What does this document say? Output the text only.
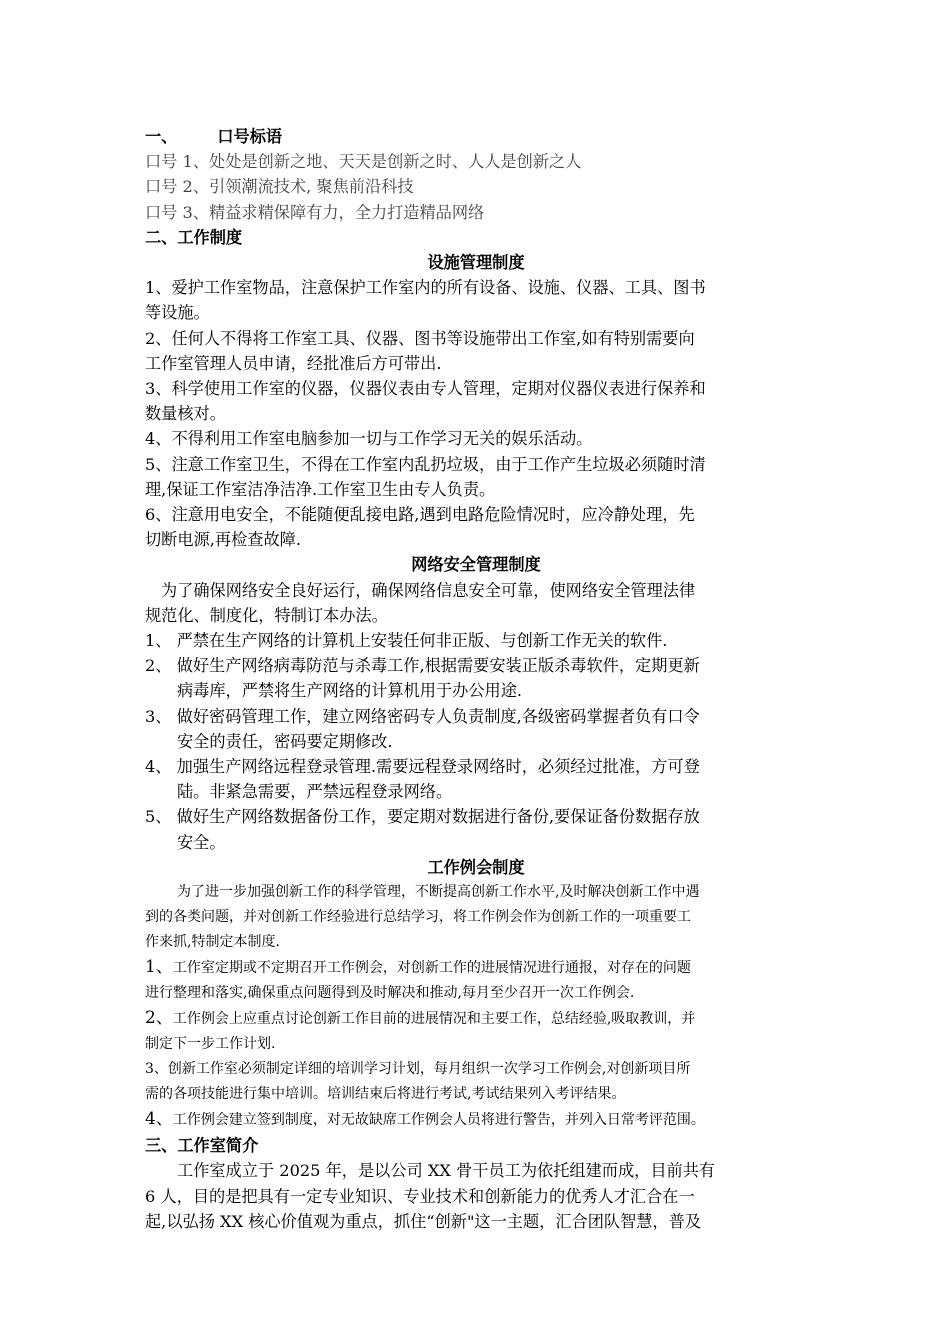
一、 口号标语
口号 1、处处是创新之地、天天是创新之时、人人是创新之人
口号 2、引领潮流技术, 聚焦前沿科技
口号 3、精益求精保障有力，全力打造精品网络
二、工作制度
设施管理制度
1、爱护工作室物品，注意保护工作室内的所有设备、设施、仪器、工具、图书
等设施。
2、任何人不得将工作室工具、仪器、图书等设施带出工作室,如有特别需要向
工作室管理人员申请，经批准后方可带出.
3、科学使用工作室的仪器，仪器仪表由专人管理，定期对仪器仪表进行保养和
数量核对。
4、不得利用工作室电脑参加一切与工作学习无关的娱乐活动。
5、注意工作室卫生，不得在工作室内乱扔垃圾，由于工作产生垃圾必须随时清
理,保证工作室洁净洁净.工作室卫生由专人负责。
6、注意用电安全，不能随便乱接电路,遇到电路危险情况时，应冷静处理，先
切断电源,再检查故障.
网络安全管理制度
为了确保网络安全良好运行，确保网络信息安全可靠，使网络安全管理法律
规范化、制度化，特制订本办法。
1、 严禁在生产网络的计算机上安装任何非正版、与创新工作无关的软件.
2、 做好生产网络病毒防范与杀毒工作,根据需要安装正版杀毒软件，定期更新
病毒库，严禁将生产网络的计算机用于办公用途.
3、 做好密码管理工作，建立网络密码专人负责制度,各级密码掌握者负有口令
安全的责任，密码要定期修改.
4、 加强生产网络远程登录管理.需要远程登录网络时，必须经过批准，方可登
陆。非紧急需要，严禁远程登录网络。
5、 做好生产网络数据备份工作，要定期对数据进行备份,要保证备份数据存放
安全。
工作例会制度
为了进一步加强创新工作的科学管理，不断提高创新工作水平,及时解决创新工作中遇
到的各类问题，并对创新工作经验进行总结学习，将工作例会作为创新工作的一项重要工
作来抓,特制定本制度.
1、工作室定期或不定期召开工作例会，对创新工作的进展情况进行通报，对存在的问题
进行整理和落实,确保重点问题得到及时解决和推动,每月至少召开一次工作例会.
2、工作例会上应重点讨论创新工作目前的进展情况和主要工作，总结经验,吸取教训，并
制定下一步工作计划.
3、创新工作室必须制定详细的培训学习计划，每月组织一次学习工作例会,对创新项目所
需的各项技能进行集中培训。培训结束后将进行考试,考试结果列入考评结果。
4、工作例会建立签到制度，对无故缺席工作例会人员将进行警告，并列入日常考评范围。
三、工作室简介
工作室成立于 2025 年，是以公司 XX 骨干员工为依托组建而成，目前共有
6 人，目的是把具有一定专业知识、专业技术和创新能力的优秀人才汇合在一
起,以弘扬 XX 核心价值观为重点，抓住“创新"这一主题，汇合团队智慧，普及
